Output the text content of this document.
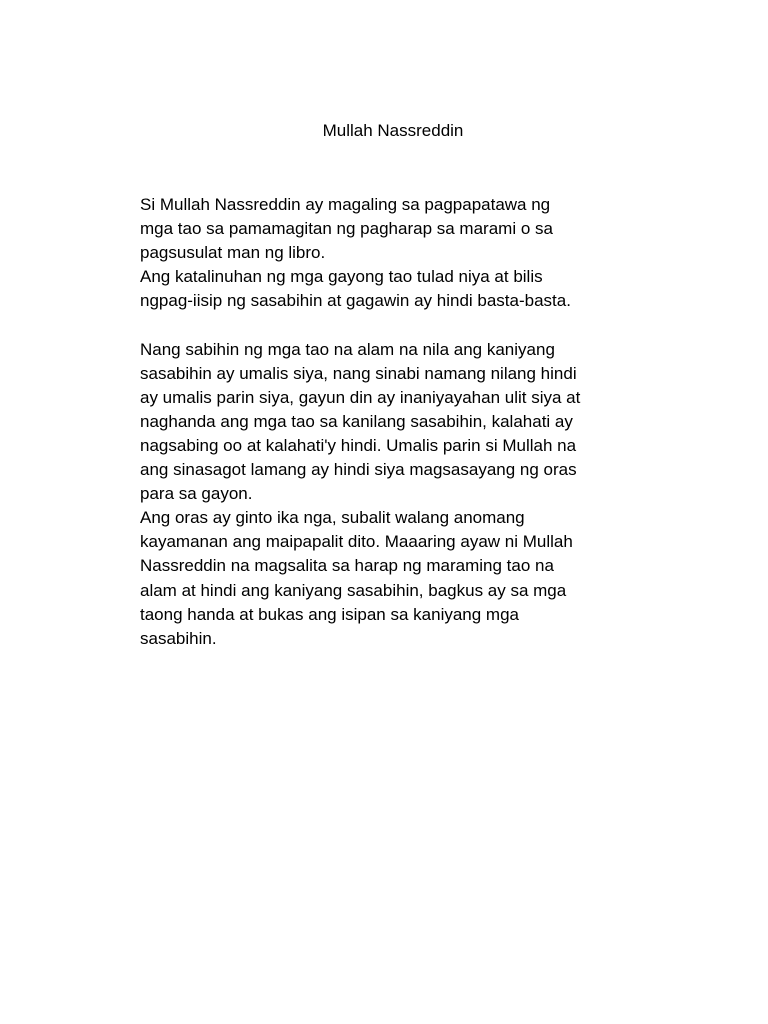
Mullah Nassreddin
Si Mullah Nassreddin ay magaling sa pagpapatawa ng
mga tao sa pamamagitan ng pagharap sa marami o sa
pagsusulat man ng libro.
Ang katalinuhan ng mga gayong tao tulad niya at bilis
ngpag-iisip ng sasabihin at gagawin ay hindi basta-basta.
Nang sabihin ng mga tao na alam na nila ang kaniyang
sasabihin ay umalis siya, nang sinabi namang nilang hindi
ay umalis parin siya, gayun din ay inaniyayahan ulit siya at
naghanda ang mga tao sa kanilang sasabihin, kalahati ay
nagsabing oo at kalahati'y hindi. Umalis parin si Mullah na
ang sinasagot lamang ay hindi siya magsasayang ng oras
para sa gayon.
Ang oras ay ginto ika nga, subalit walang anomang
kayamanan ang maipapalit dito. Maaaring ayaw ni Mullah
Nassreddin na magsalita sa harap ng maraming tao na
alam at hindi ang kaniyang sasabihin, bagkus ay sa mga
taong handa at bukas ang isipan sa kaniyang mga
sasabihin.
